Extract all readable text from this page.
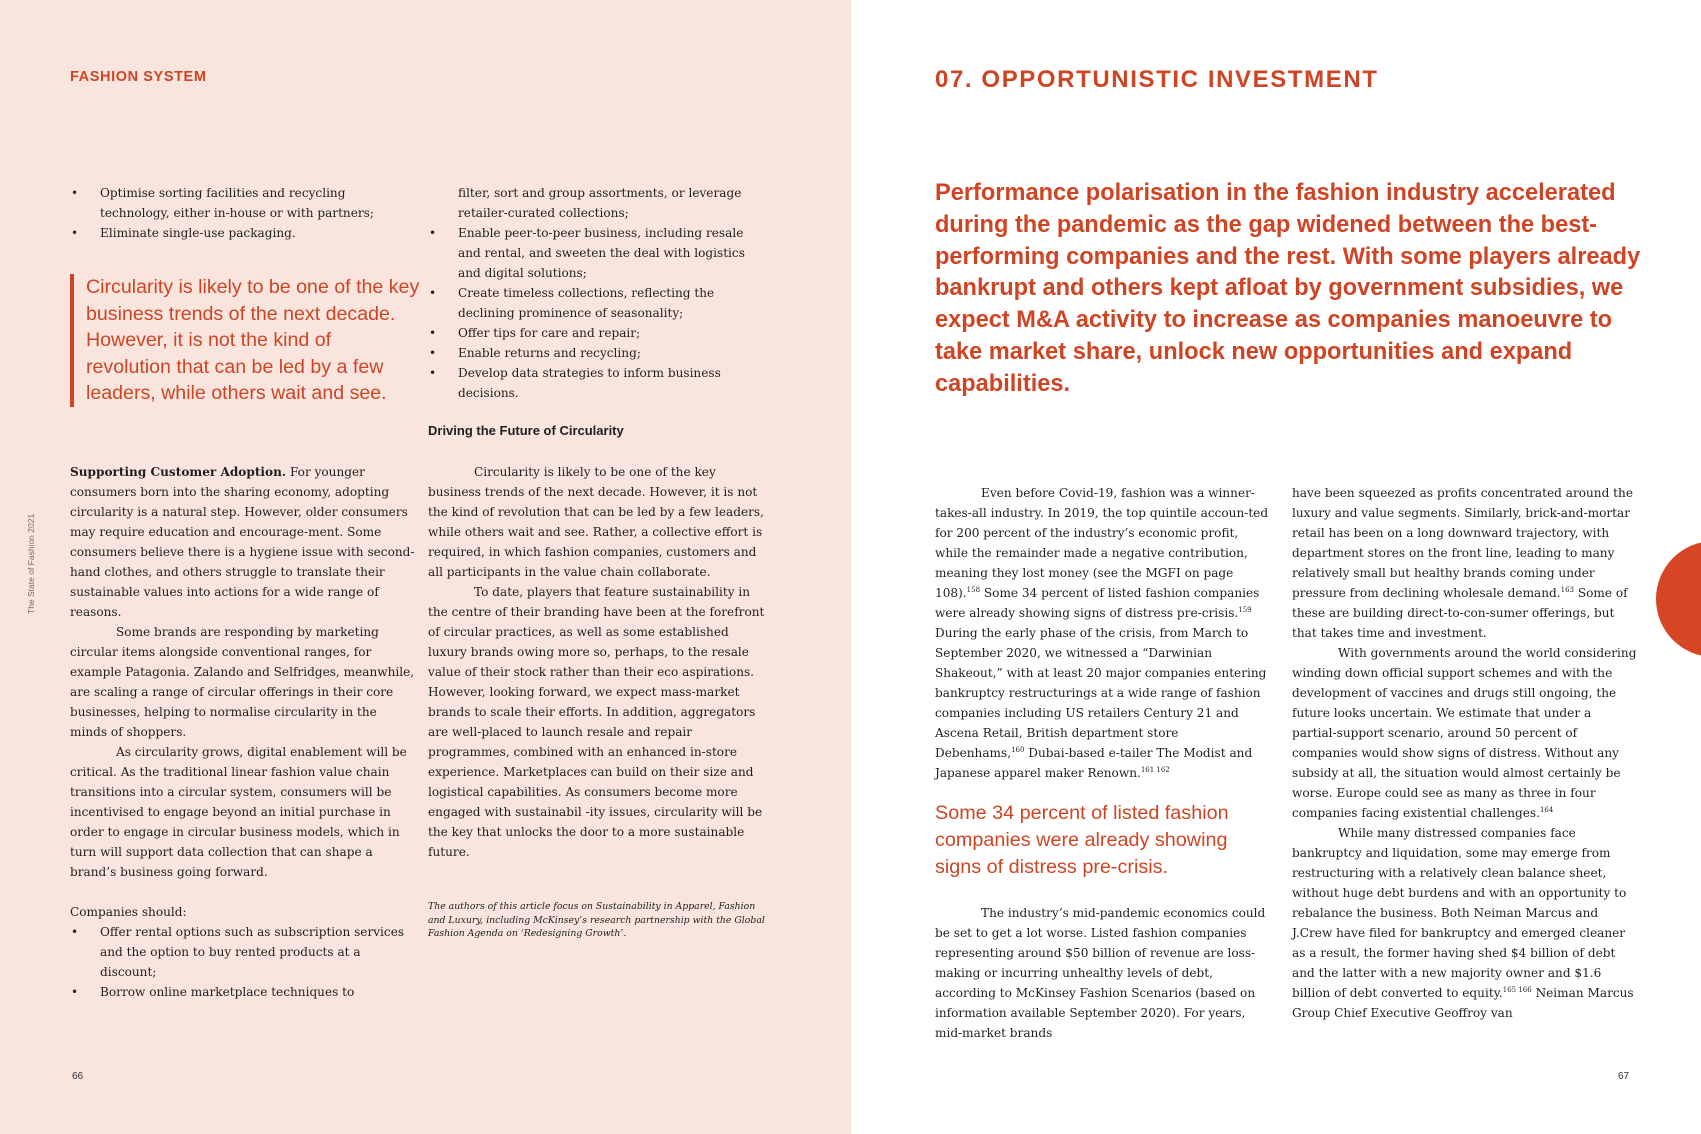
FASHION SYSTEM
The State of Fashion 2021
• Optimise sorting facilities and recycling technology, either in-house or with partners;
• Eliminate single-use packaging.
Circularity is likely to be one of the key business trends of the next decade. However, it is not the kind of revolution that can be led by a few leaders, while others wait and see.

Supporting Customer Adoption. For younger consumers born into the sharing economy, adopting circularity is a natural step. However, older consumers may require education and encourage-ment. Some consumers believe there is a hygiene issue with second-hand clothes, and others struggle to translate their sustainable values into actions for a wide range of reasons.

Some brands are responding by marketing circular items alongside conventional ranges, for example Patagonia. Zalando and Selfridges, meanwhile, are scaling a range of circular offerings in their core businesses, helping to normalise circularity in the minds of shoppers.

As circularity grows, digital enablement will be critical. As the traditional linear fashion value chain transitions into a circular system, consumers will be incentivised to engage beyond an initial purchase in order to engage in circular business models, which in turn will support data collection that can shape a brand’s business going forward.

Companies should:

• Offer rental options such as subscription services and the option to buy rented products at a discount;
• Borrow online marketplace techniques to
filter, sort and group assortments, or leverage retailer-curated collections;
• Enable peer-to-peer business, including resale and rental, and sweeten the deal with logistics and digital solutions;
• Create timeless collections, reflecting the declining prominence of seasonality;
• Offer tips for care and repair;
• Enable returns and recycling;
• Develop data strategies to inform business decisions.
Driving the Future of Circularity

Circularity is likely to be one of the key business trends of the next decade. However, it is not the kind of revolution that can be led by a few leaders, while others wait and see. Rather, a collective effort is required, in which fashion companies, customers and all participants in the value chain collaborate.

To date, players that feature sustainability in the centre of their branding have been at the forefront of circular practices, as well as some established luxury brands owing more so, perhaps, to the resale value of their stock rather than their eco aspirations. However, looking forward, we expect mass-market brands to scale their efforts. In addition, aggregators are well-placed to launch resale and repair programmes, combined with an enhanced in-store experience. Marketplaces can build on their size and logistical capabilities. As consumers become more engaged with sustainabil -ity issues, circularity will be the key that unlocks the door to a more sustainable future.

The authors of this article focus on Sustainability in Apparel, Fashion and Luxury, including McKinsey’s research partnership with the Global Fashion Agenda on ‘Redesigning Growth’.
66
07. OPPORTUNISTIC INVESTMENT

Performance polarisation in the fashion industry accelerated during the pandemic as the gap widened between the best-performing companies and the rest. With some players already bankrupt and others kept afloat by government subsidies, we expect M&A activity to increase as companies manoeuvre to take market share, unlock new opportunities and expand capabilities.

Even before Covid-19, fashion was a winner-takes-all industry. In 2019, the top quintile accoun-ted for 200 percent of the industry’s economic profit, while the remainder made a negative contribution, meaning they lost money (see the MGFI on page 108).$^{158}$ Some 34 percent of listed fashion companies were already showing signs of distress pre-crisis.$^{159}$ During the early phase of the crisis, from March to September 2020, we witnessed a “Darwinian Shakeout,” with at least 20 major companies entering bankruptcy restructurings at a wide range of fashion companies including US retailers Century 21 and Ascena Retail, British department store Debenhams,$^{160}$ Dubai-based e-tailer The Modist and Japanese apparel maker Renown.$^{161 162}$

Some 34 percent of listed fashion companies were already showing signs of distress pre-crisis.

The industry’s mid-pandemic economics could be set to get a lot worse. Listed fashion companies representing around $50 billion of revenue are loss-making or incurring unhealthy levels of debt, according to McKinsey Fashion Scenarios (based on information available September 2020). For years, mid-market brands

have been squeezed as profits concentrated around the luxury and value segments. Similarly, brick-and-mortar retail has been on a long downward trajectory, with department stores on the front line, leading to many relatively small but healthy brands coming under pressure from declining wholesale demand.$^{163}$ Some of these are building direct-to-con-sumer offerings, but that takes time and investment.

With governments around the world considering winding down official support schemes and with the development of vaccines and drugs still ongoing, the future looks uncertain. We estimate that under a partial-support scenario, around 50 percent of companies would show signs of distress. Without any subsidy at all, the situation would almost certainly be worse. Europe could see as many as three in four companies facing existential challenges.$^{164}$

While many distressed companies face bankruptcy and liquidation, some may emerge from restructuring with a relatively clean balance sheet, without huge debt burdens and with an opportunity to rebalance the business. Both Neiman Marcus and J.Crew have filed for bankruptcy and emerged cleaner as a result, the former having shed $4 billion of debt and the latter with a new majority owner and $1.6 billion of debt converted to equity.$^{165 166}$ Neiman Marcus Group Chief Executive Geoffroy van

67
